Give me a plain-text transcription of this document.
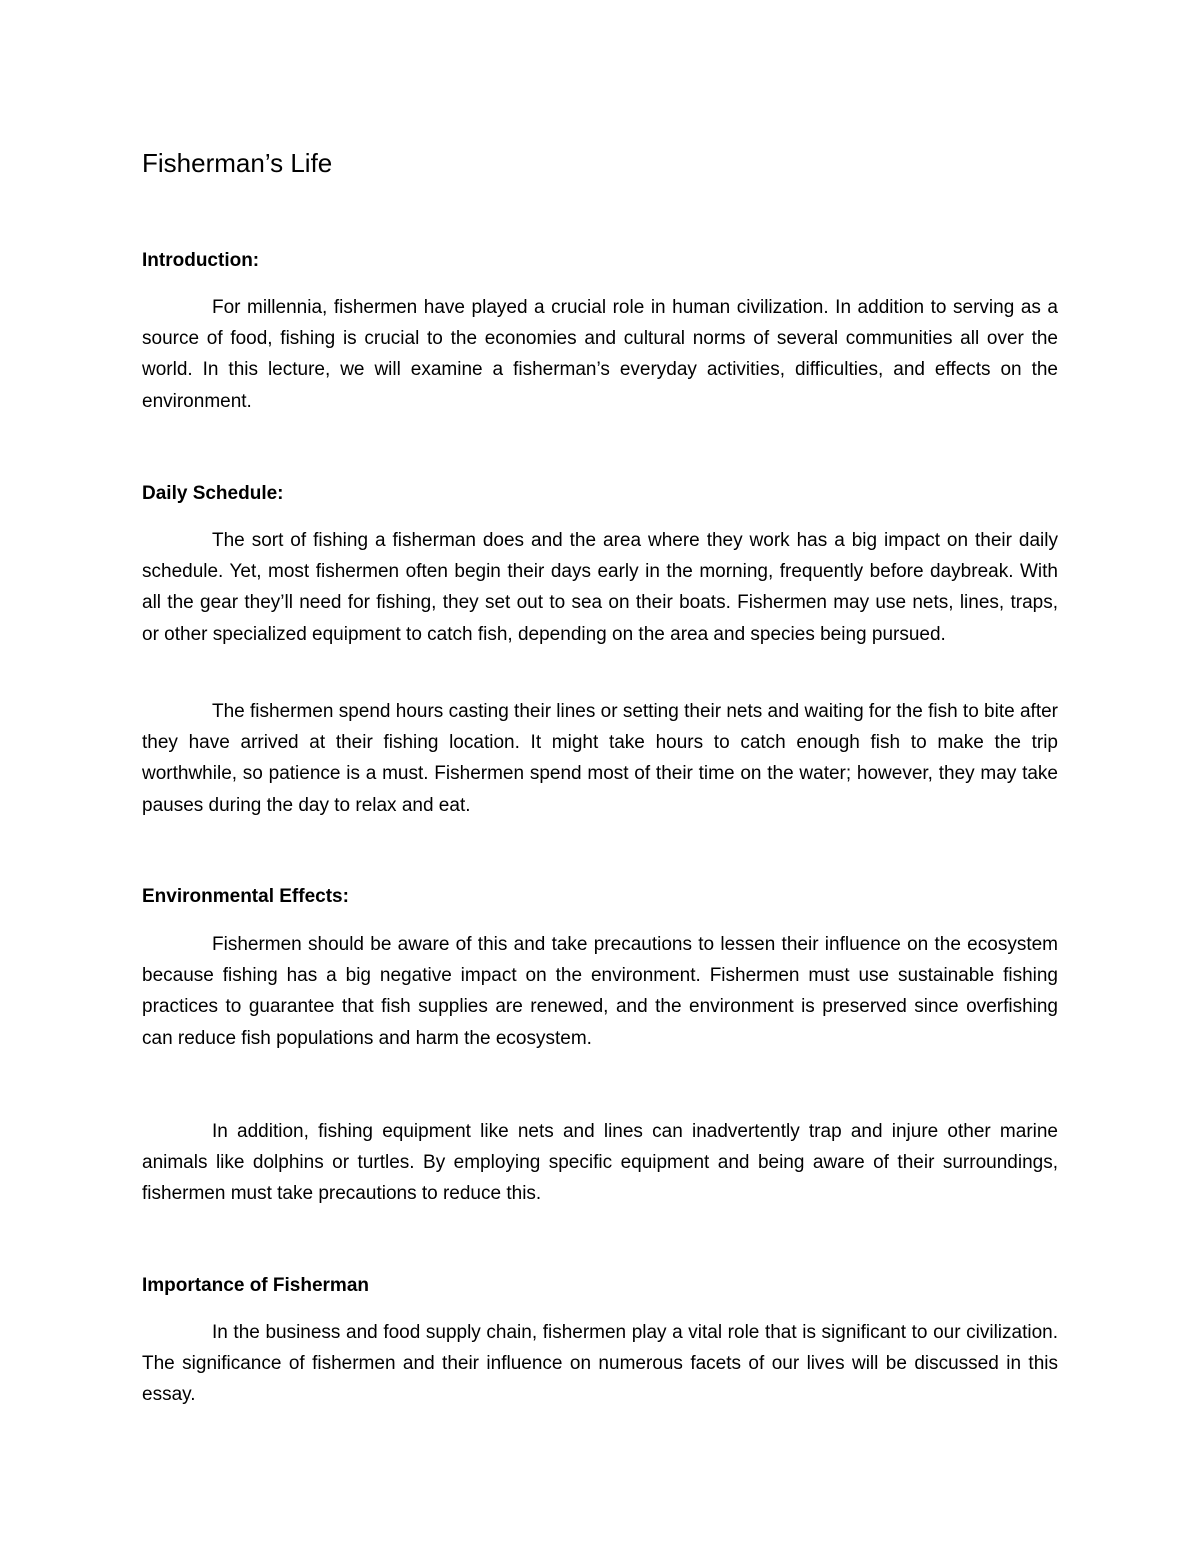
Fisherman’s Life
Introduction:

For millennia, fishermen have played a crucial role in human civilization. In addition to serving as a source of food, fishing is crucial to the economies and cultural norms of several communities all over the world. In this lecture, we will examine a fisherman’s everyday activities, difficulties, and effects on the environment.

Daily Schedule:

The sort of fishing a fisherman does and the area where they work has a big impact on their daily schedule. Yet, most fishermen often begin their days early in the morning, frequently before daybreak. With all the gear they’ll need for fishing, they set out to sea on their boats. Fishermen may use nets, lines, traps, or other specialized equipment to catch fish, depending on the area and species being pursued.

The fishermen spend hours casting their lines or setting their nets and waiting for the fish to bite after they have arrived at their fishing location. It might take hours to catch enough fish to make the trip worthwhile, so patience is a must. Fishermen spend most of their time on the water; however, they may take pauses during the day to relax and eat.

Environmental Effects:

Fishermen should be aware of this and take precautions to lessen their influence on the ecosystem because fishing has a big negative impact on the environment. Fishermen must use sustainable fishing practices to guarantee that fish supplies are renewed, and the environment is preserved since overfishing can reduce fish populations and harm the ecosystem.

In addition, fishing equipment like nets and lines can inadvertently trap and injure other marine animals like dolphins or turtles. By employing specific equipment and being aware of their surroundings, fishermen must take precautions to reduce this.

Importance of Fisherman

In the business and food supply chain, fishermen play a vital role that is significant to our civilization. The significance of fishermen and their influence on numerous facets of our lives will be discussed in this essay.
